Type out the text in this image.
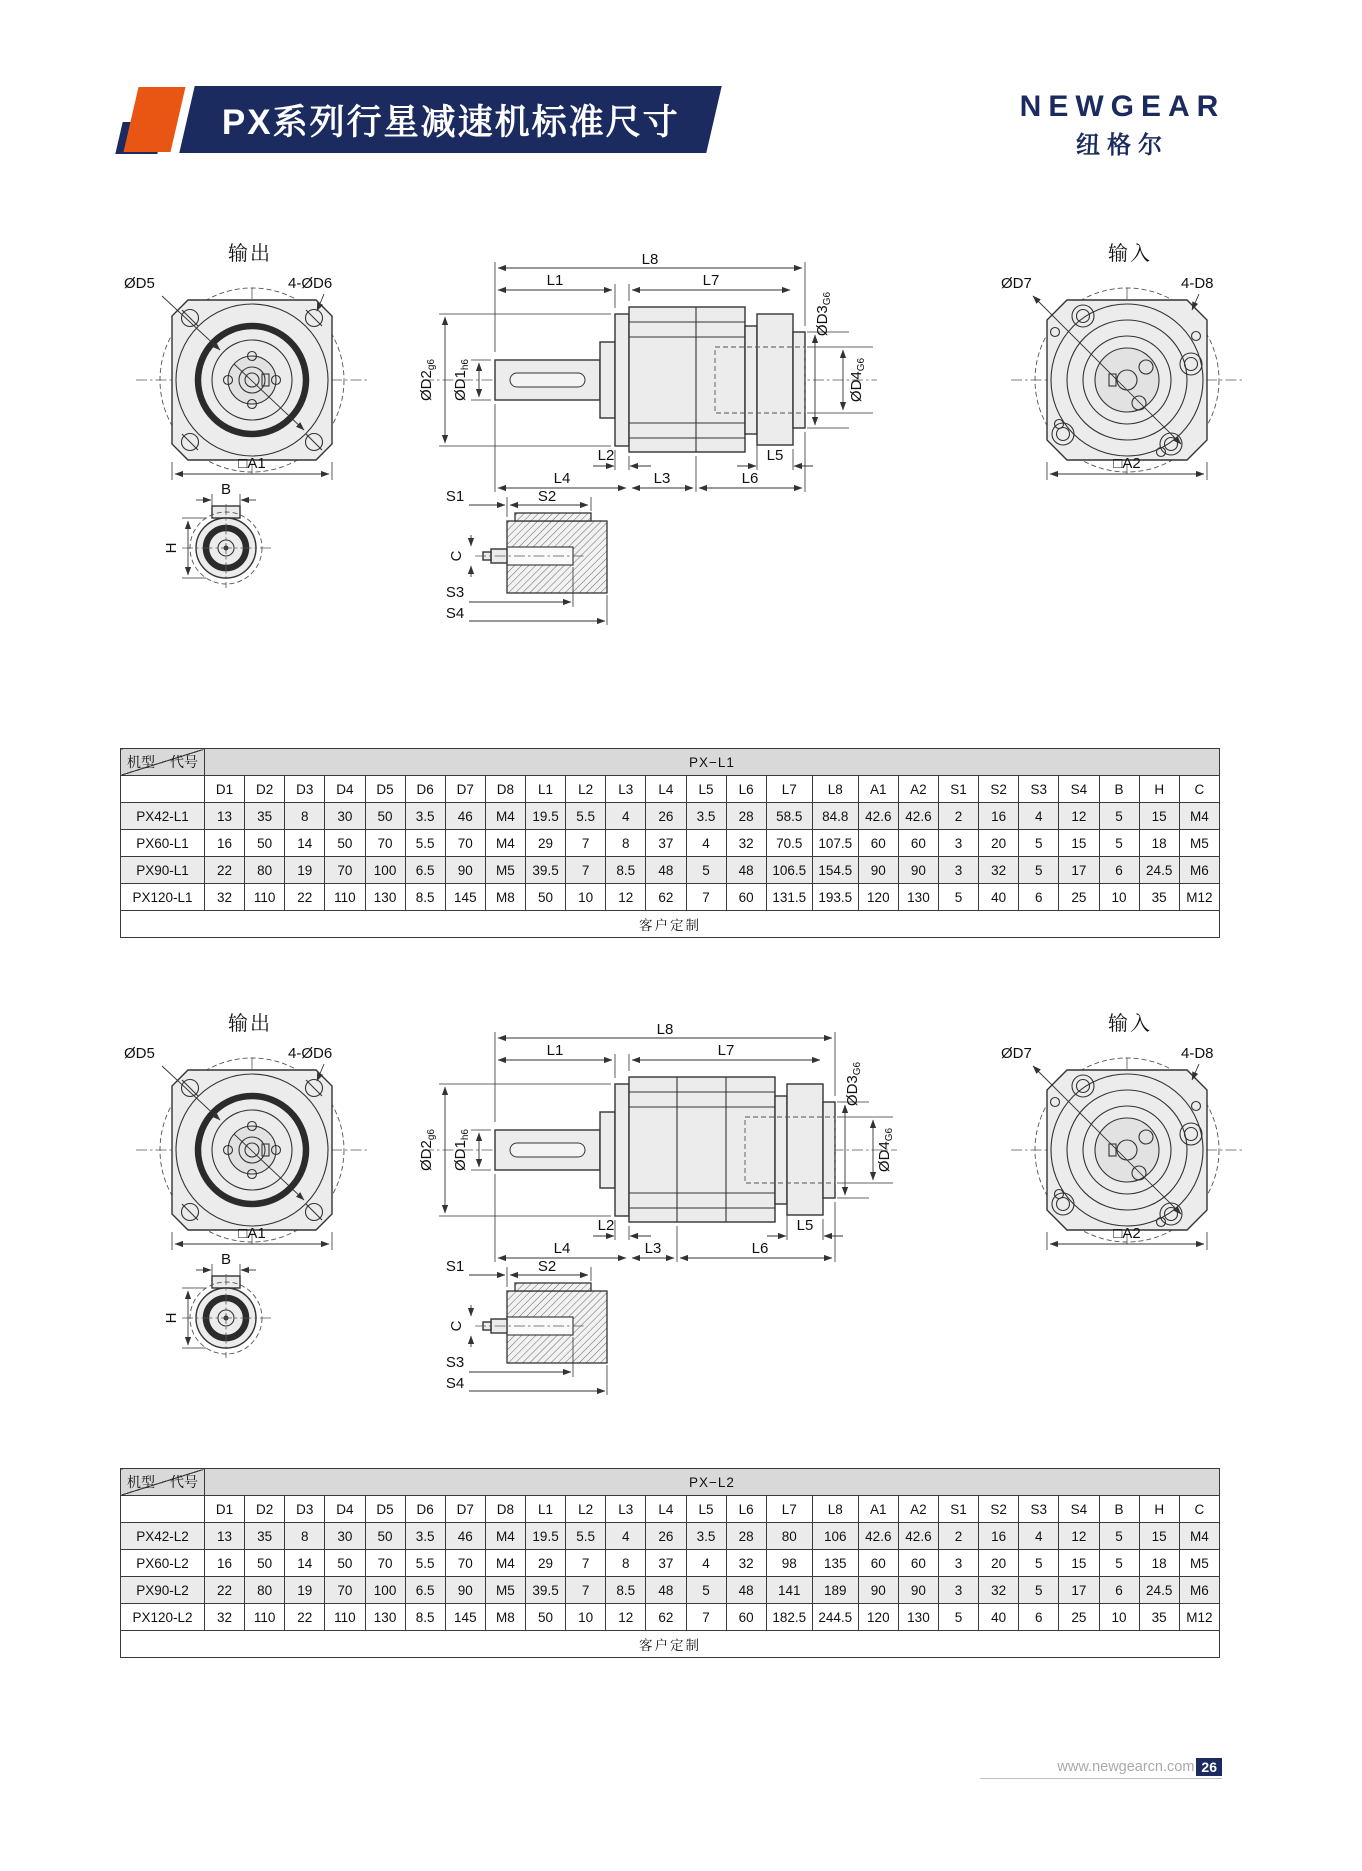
PX系列行星减速机标准尺寸	NEWGEAR
纽格尔
输出	输入
ØD5	4-ØD6
□A1
B
H
L8
L1	L7
$ØD2_{g6}$
$ØD1_{h6}$
$ØD3_{G6}$
$ØD4_{G6}$
L2
L4	L3
L5
L6
S1	S2
C
S3
S4
ØD7	4-D8
□A2
代号
机型	PX−L1																								
	D1	D2	D3	D4	D5	D6	D7	D8	L1	L2	L3	L4	L5	L6	L7	L8	A1	A2	S1	S2	S3	S4	B	H	C
PX42-L1	13	35	8	30	50	3.5	46	M4	19.5	5.5	4	26	3.5	28	58.5	84.8	42.6	42.6	2	16	4	12	5	15	M4
PX60-L1	16	50	14	50	70	5.5	70	M4	29	7	8	37	4	32	70.5	107.5	60	60	3	20	5	15	5	18	M5
PX90-L1	22	80	19	70	100	6.5	90	M5	39.5	7	8.5	48	5	48	106.5	154.5	90	90	3	32	5	17	6	24.5	M6
PX120-L1	32	110	22	110	130	8.5	145	M8	50	10	12	62	7	60	131.5	193.5	120	130	5	40	6	25	10	35	M12
客户定制																									
输出	输入
ØD5	4-ØD6
□A1
B
H
L8
L1	L7
$ØD2_{g6}$
$ØD1_{h6}$
$ØD3_{G6}$
$ØD4_{G6}$
L2
L4	L3
L5
L6
S1	S2
C
S3
S4
ØD7	4-D8
□A2
代号
机型	PX−L2																								
	D1	D2	D3	D4	D5	D6	D7	D8	L1	L2	L3	L4	L5	L6	L7	L8	A1	A2	S1	S2	S3	S4	B	H	C
PX42-L2	13	35	8	30	50	3.5	46	M4	19.5	5.5	4	26	3.5	28	80	106	42.6	42.6	2	16	4	12	5	15	M4
PX60-L2	16	50	14	50	70	5.5	70	M4	29	7	8	37	4	32	98	135	60	60	3	20	5	15	5	18	M5
PX90-L2	22	80	19	70	100	6.5	90	M5	39.5	7	8.5	48	5	48	141	189	90	90	3	32	5	17	6	24.5	M6
PX120-L2	32	110	22	110	130	8.5	145	M8	50	10	12	62	7	60	182.5	244.5	120	130	5	40	6	25	10	35	M12
客户定制																									
www.newgearcn.com 26
